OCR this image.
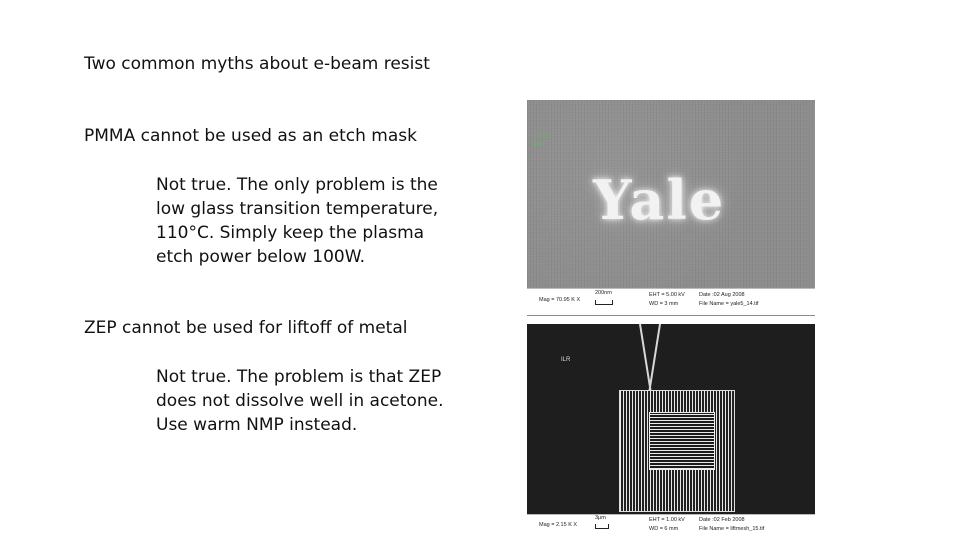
Two common myths about e-beam resist

PMMA cannot be used as an etch mask

Not true. The only problem is the low glass transition temperature, 110°C. Simply keep the plasma etch power below 100W.

ZEP cannot be used for liftoff of metal

Not true. The problem is that ZEP does not dissolve well in acetone. Use warm NMP instead.

10.50
4.0
Yale
Mag = 70.95 K X
200nm	EHT = 5.00 kV
WD = 3 mm
Date :02 Aug 2008
File Name = yale5_14.tif
ILR
Mag = 2.15 K X
3μm	EHT = 1.00 kV
WD = 6 mm
Date :02 Feb 2008
File Name = liftmesh_15.tif
